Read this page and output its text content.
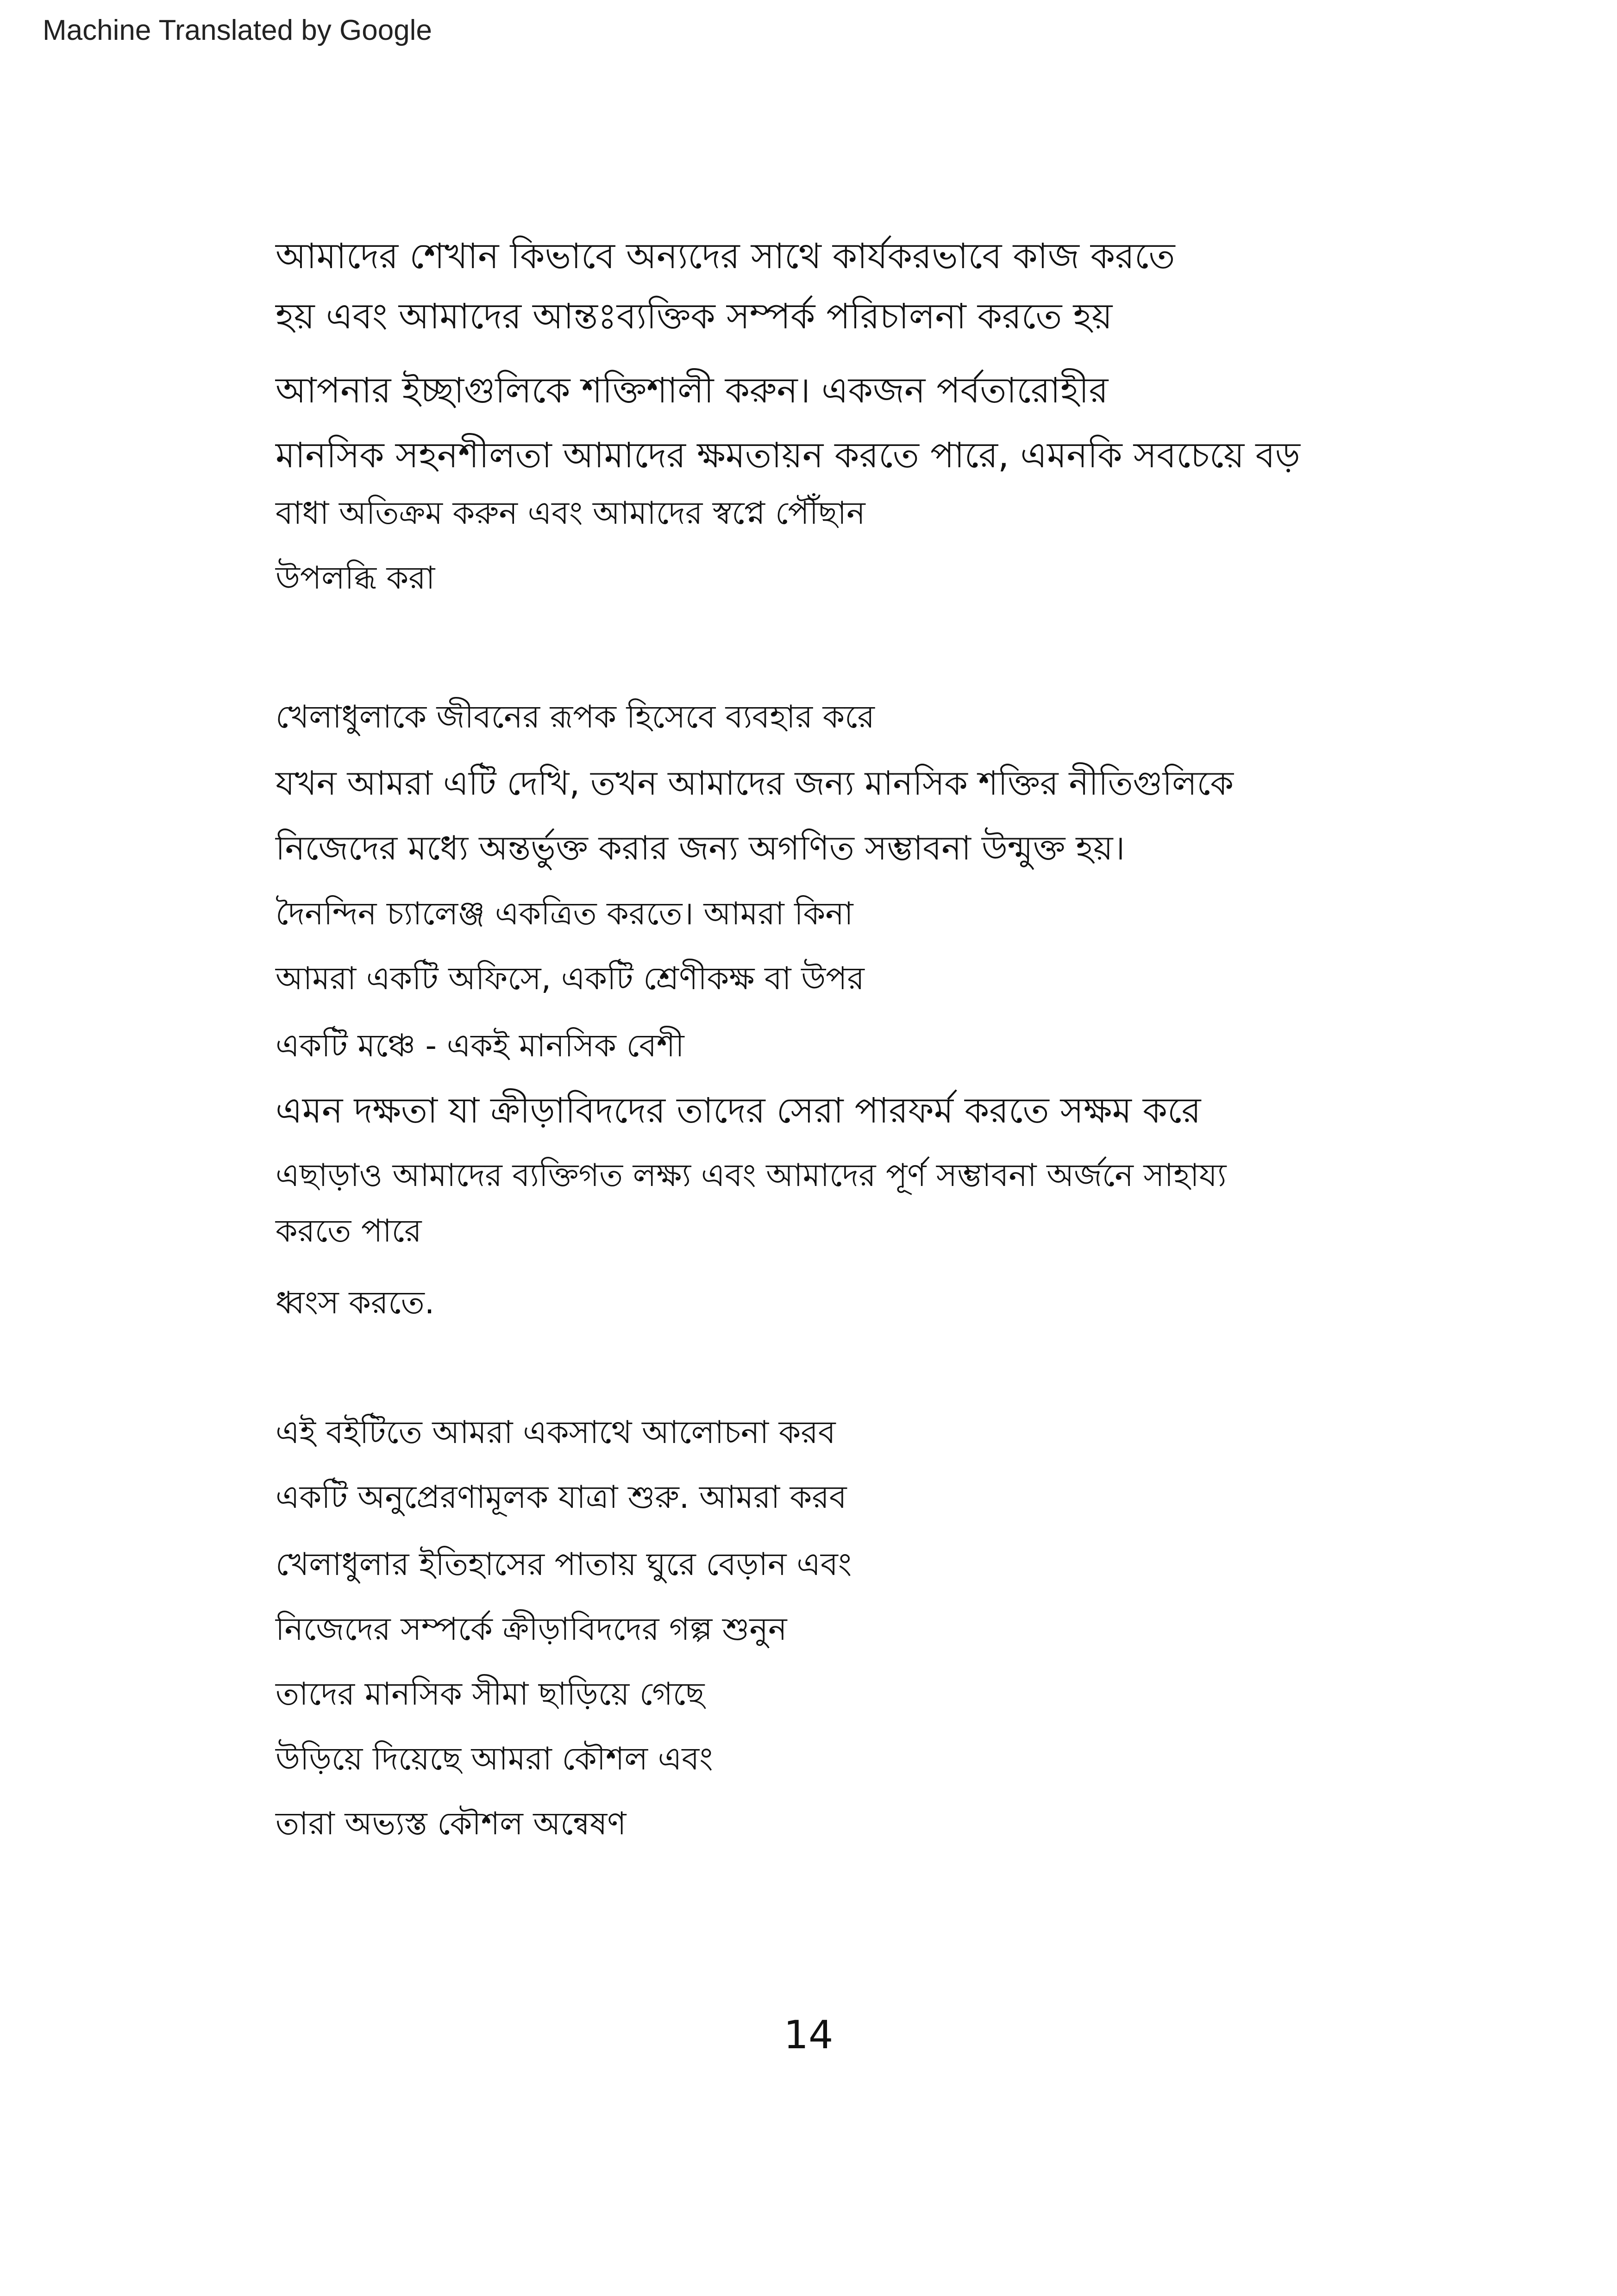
Machine Translated by Google
আমাদের শেখান কিভাবে অন্যদের সাথে কার্যকরভাবে কাজ করতে
হয় এবং আমাদের আন্তঃব্যক্তিক সম্পর্ক পরিচালনা করতে হয়
আপনার ইচ্ছাগুলিকে শক্তিশালী করুন। একজন পর্বতারোহীর
মানসিক সহনশীলতা আমাদের ক্ষমতায়ন করতে পারে, এমনকি সবচেয়ে বড়
বাধা অতিক্রম করুন এবং আমাদের স্বপ্নে পৌঁছান
উপলব্ধি করা
খেলাধুলাকে জীবনের রূপক হিসেবে ব্যবহার করে
যখন আমরা এটি দেখি, তখন আমাদের জন্য মানসিক শক্তির নীতিগুলিকে
নিজেদের মধ্যে অন্তর্ভুক্ত করার জন্য অগণিত সম্ভাবনা উন্মুক্ত হয়।
দৈনন্দিন চ্যালেঞ্জ একত্রিত করতে। আমরা কিনা
আমরা একটি অফিসে, একটি শ্রেণীকক্ষ বা উপর
একটি মঞ্চে - একই মানসিক বেশী
এমন দক্ষতা যা ক্রীড়াবিদদের তাদের সেরা পারফর্ম করতে সক্ষম করে
এছাড়াও আমাদের ব্যক্তিগত লক্ষ্য এবং আমাদের পূর্ণ সম্ভাবনা অর্জনে সাহায্য
করতে পারে
ধ্বংস করতে.
এই বইটিতে আমরা একসাথে আলোচনা করব
একটি অনুপ্রেরণামূলক যাত্রা শুরু. আমরা করব
খেলাধুলার ইতিহাসের পাতায় ঘুরে বেড়ান এবং
নিজেদের সম্পর্কে ক্রীড়াবিদদের গল্প শুনুন
তাদের মানসিক সীমা ছাড়িয়ে গেছে
উড়িয়ে দিয়েছে আমরা কৌশল এবং
তারা অভ্যস্ত কৌশল অন্বেষণ
14
